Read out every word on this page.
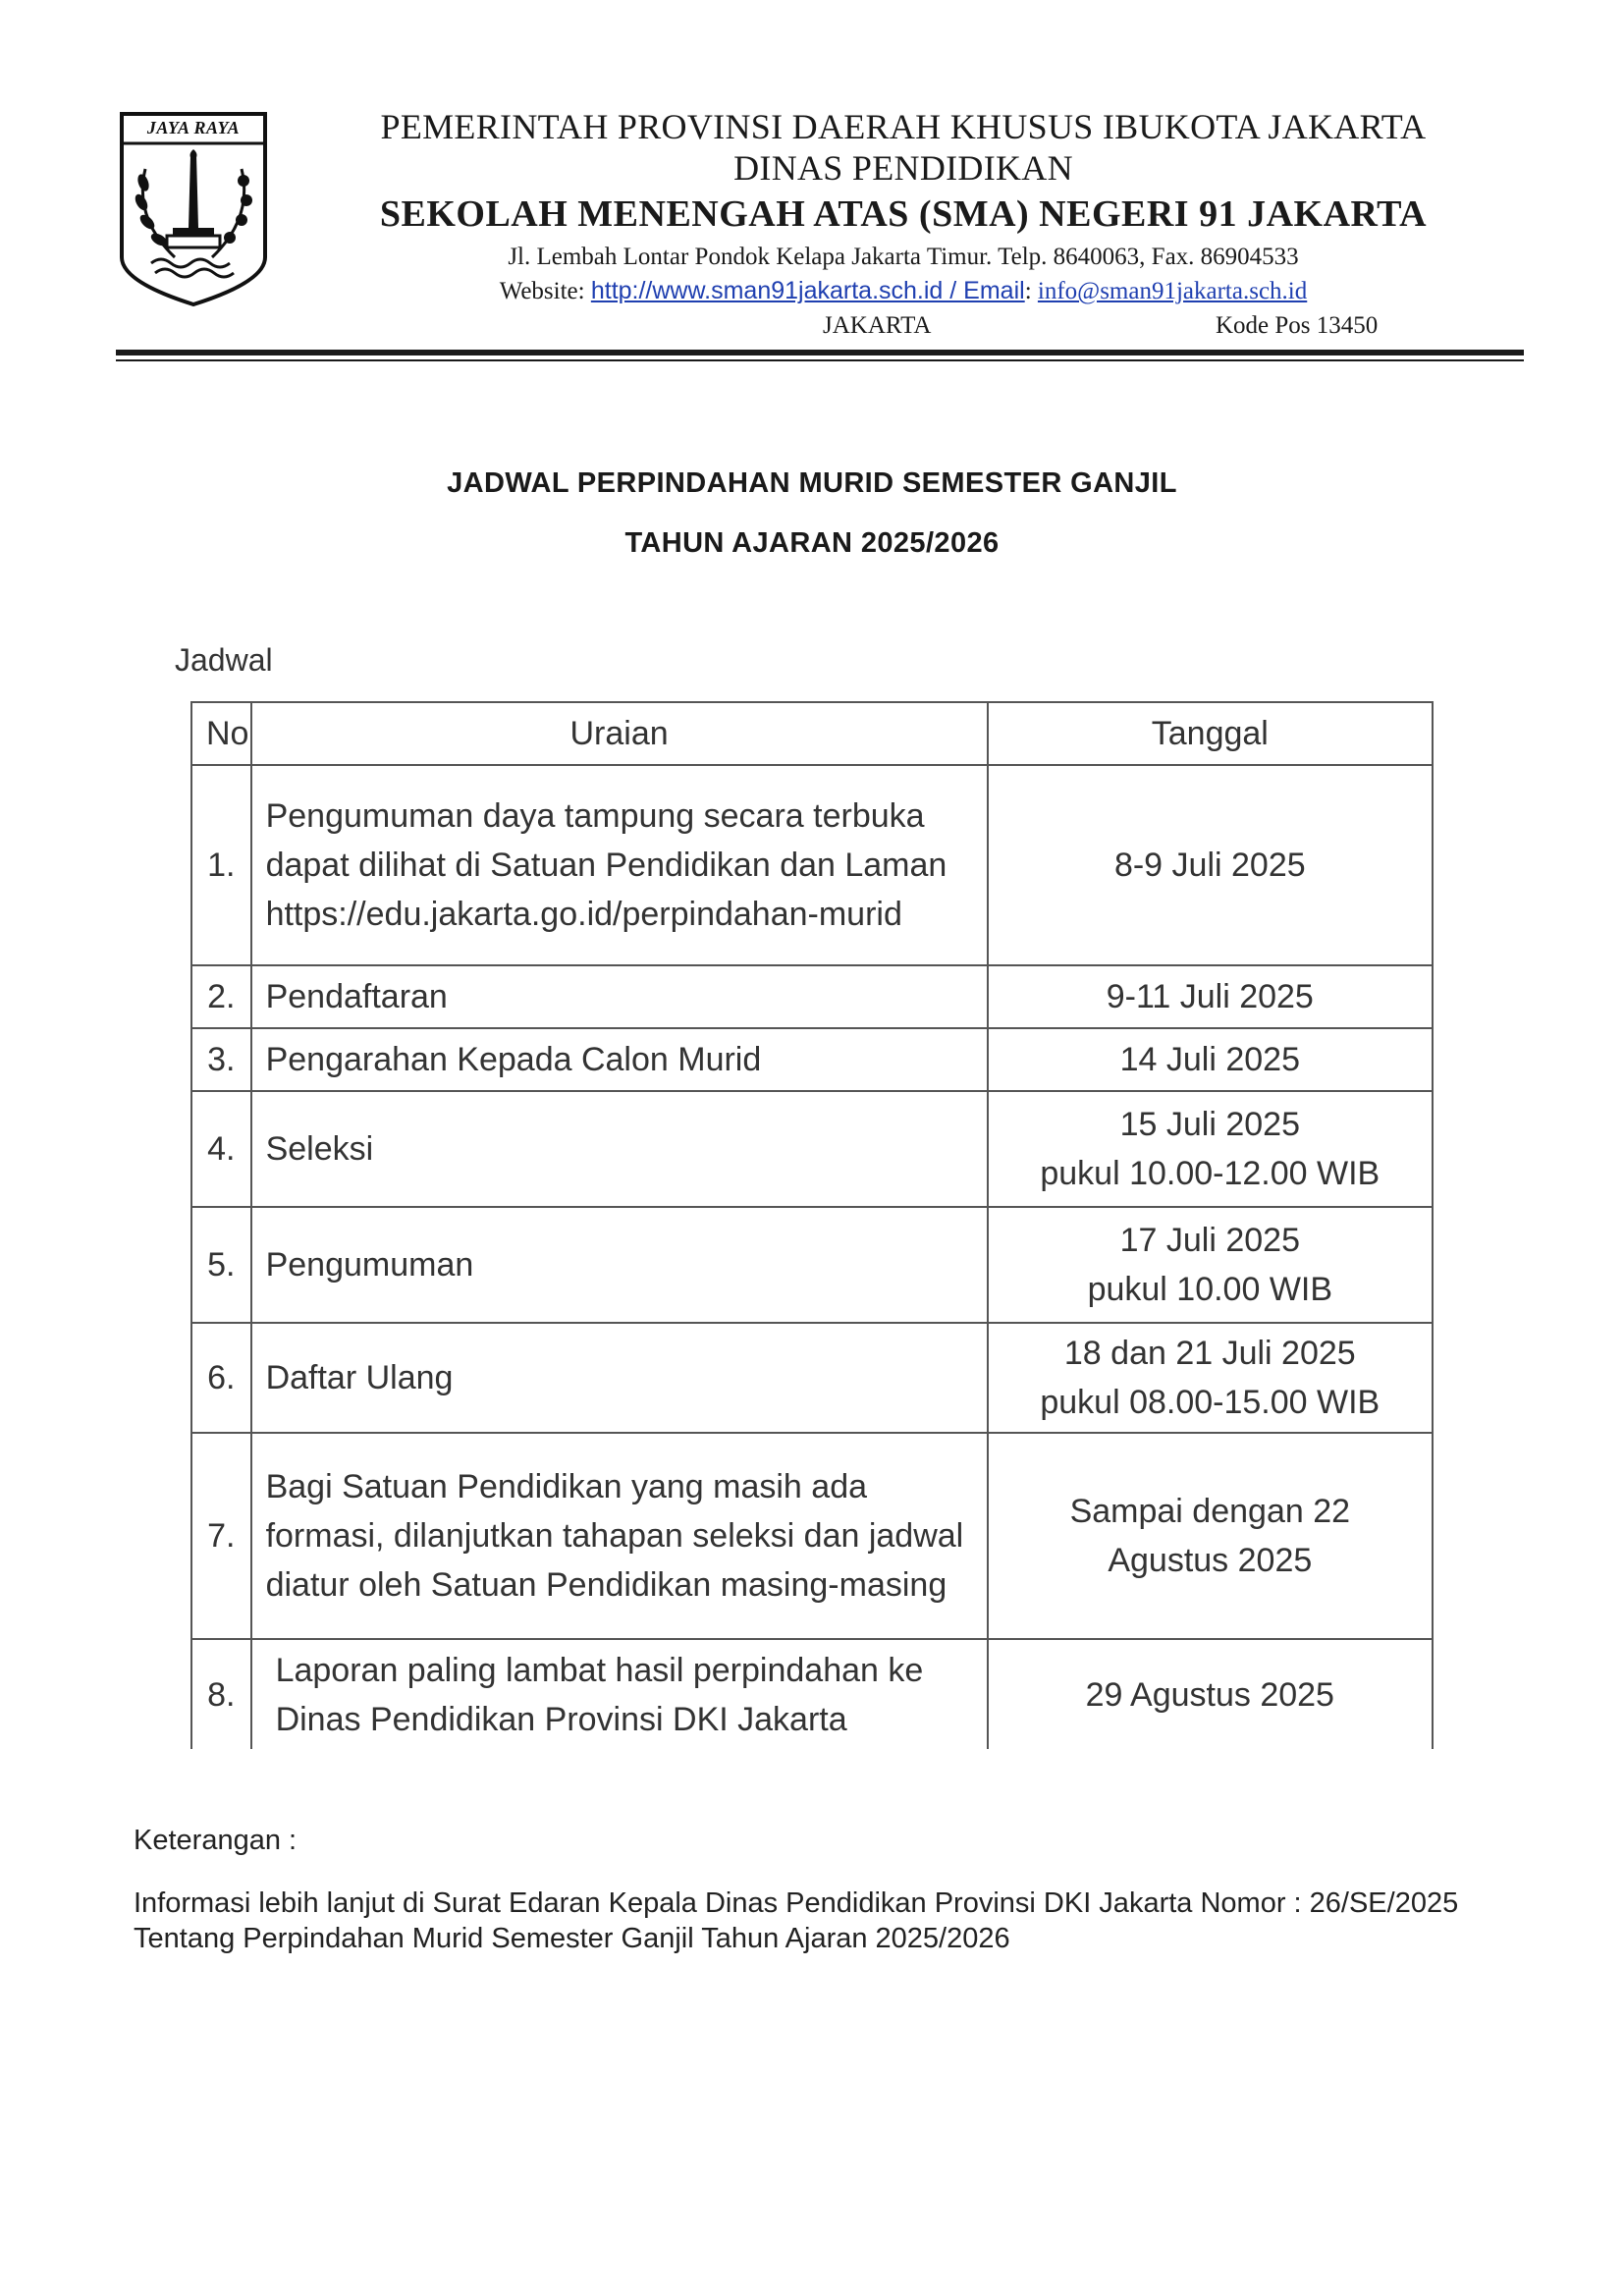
JAYA RAYA	PEMERINTAH PROVINSI DAERAH KHUSUS IBUKOTA JAKARTA
DINAS PENDIDIKAN
SEKOLAH MENENGAH ATAS (SMA) NEGERI 91 JAKARTA
Jl. Lembah Lontar Pondok Kelapa Jakarta Timur. Telp. 8640063, Fax. 86904533
Website: http://www.sman91jakarta.sch.id / Email: info@sman91jakarta.sch.id
JAKARTA	Kode Pos 13450
JADWAL PERPINDAHAN MURID SEMESTER GANJIL
TAHUN AJARAN 2025/2026
Jadwal
No	Uraian	Tanggal
1.	Pengumuman daya tampung secara terbuka dapat dilihat di Satuan Pendidikan dan Laman https://edu.jakarta.go.id/perpindahan-murid	8-9 Juli 2025
2.	Pendaftaran	9-11 Juli 2025
3.	Pengarahan Kepada Calon Murid	14 Juli 2025
4.	Seleksi	15 Juli 2025
pukul 10.00-12.00 WIB

5.	Pengumuman	17 Juli 2025
pukul 10.00 WIB

6.	Daftar Ulang	18 dan 21 Juli 2025
pukul 08.00-15.00 WIB

7.	Bagi Satuan Pendidikan yang masih ada formasi, dilanjutkan tahapan seleksi dan jadwal diatur oleh Satuan Pendidikan masing-masing	Sampai dengan 22 Agustus 2025
8.	Laporan paling lambat hasil perpindahan ke Dinas Pendidikan Provinsi DKI Jakarta	29 Agustus 2025
Keterangan :
Informasi lebih lanjut di Surat Edaran Kepala Dinas Pendidikan Provinsi DKI Jakarta Nomor : 26/SE/2025 Tentang Perpindahan Murid Semester Ganjil Tahun Ajaran 2025/2026
